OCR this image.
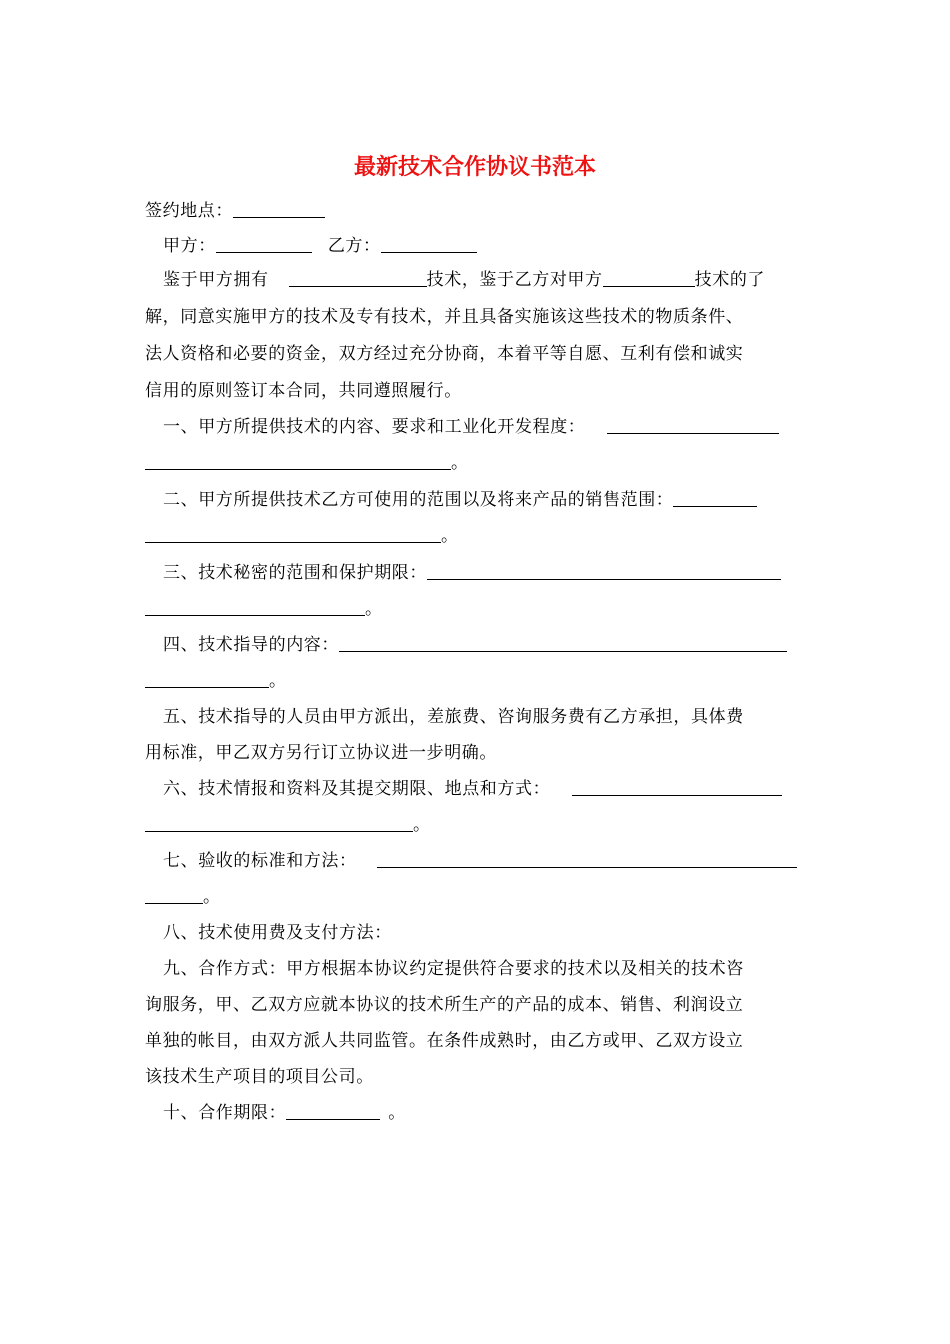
最新技术合作协议书范本
签约地点：
甲方：	乙方：
鉴于甲方拥有	技术，鉴于乙方对甲方	技术的了
解，同意实施甲方的技术及专有技术，并且具备实施该这些技术的物质条件、
法人资格和必要的资金，双方经过充分协商，本着平等自愿、互利有偿和诚实
信用的原则签订本合同，共同遵照履行。
一、甲方所提供技术的内容、要求和工业化开发程度：
。
二、甲方所提供技术乙方可使用的范围以及将来产品的销售范围：
。
三、技术秘密的范围和保护期限：
。
四、技术指导的内容：
。
五、技术指导的人员由甲方派出，差旅费、咨询服务费有乙方承担，具体费
用标准，甲乙双方另行订立协议进一步明确。
六、技术情报和资料及其提交期限、地点和方式：
。
七、验收的标准和方法：
。
八、技术使用费及支付方法：
九、合作方式：甲方根据本协议约定提供符合要求的技术以及相关的技术咨
询服务，甲、乙双方应就本协议的技术所生产的产品的成本、销售、利润设立
单独的帐目，由双方派人共同监管。在条件成熟时，由乙方或甲、乙双方设立
该技术生产项目的项目公司。
十、合作期限：	。
